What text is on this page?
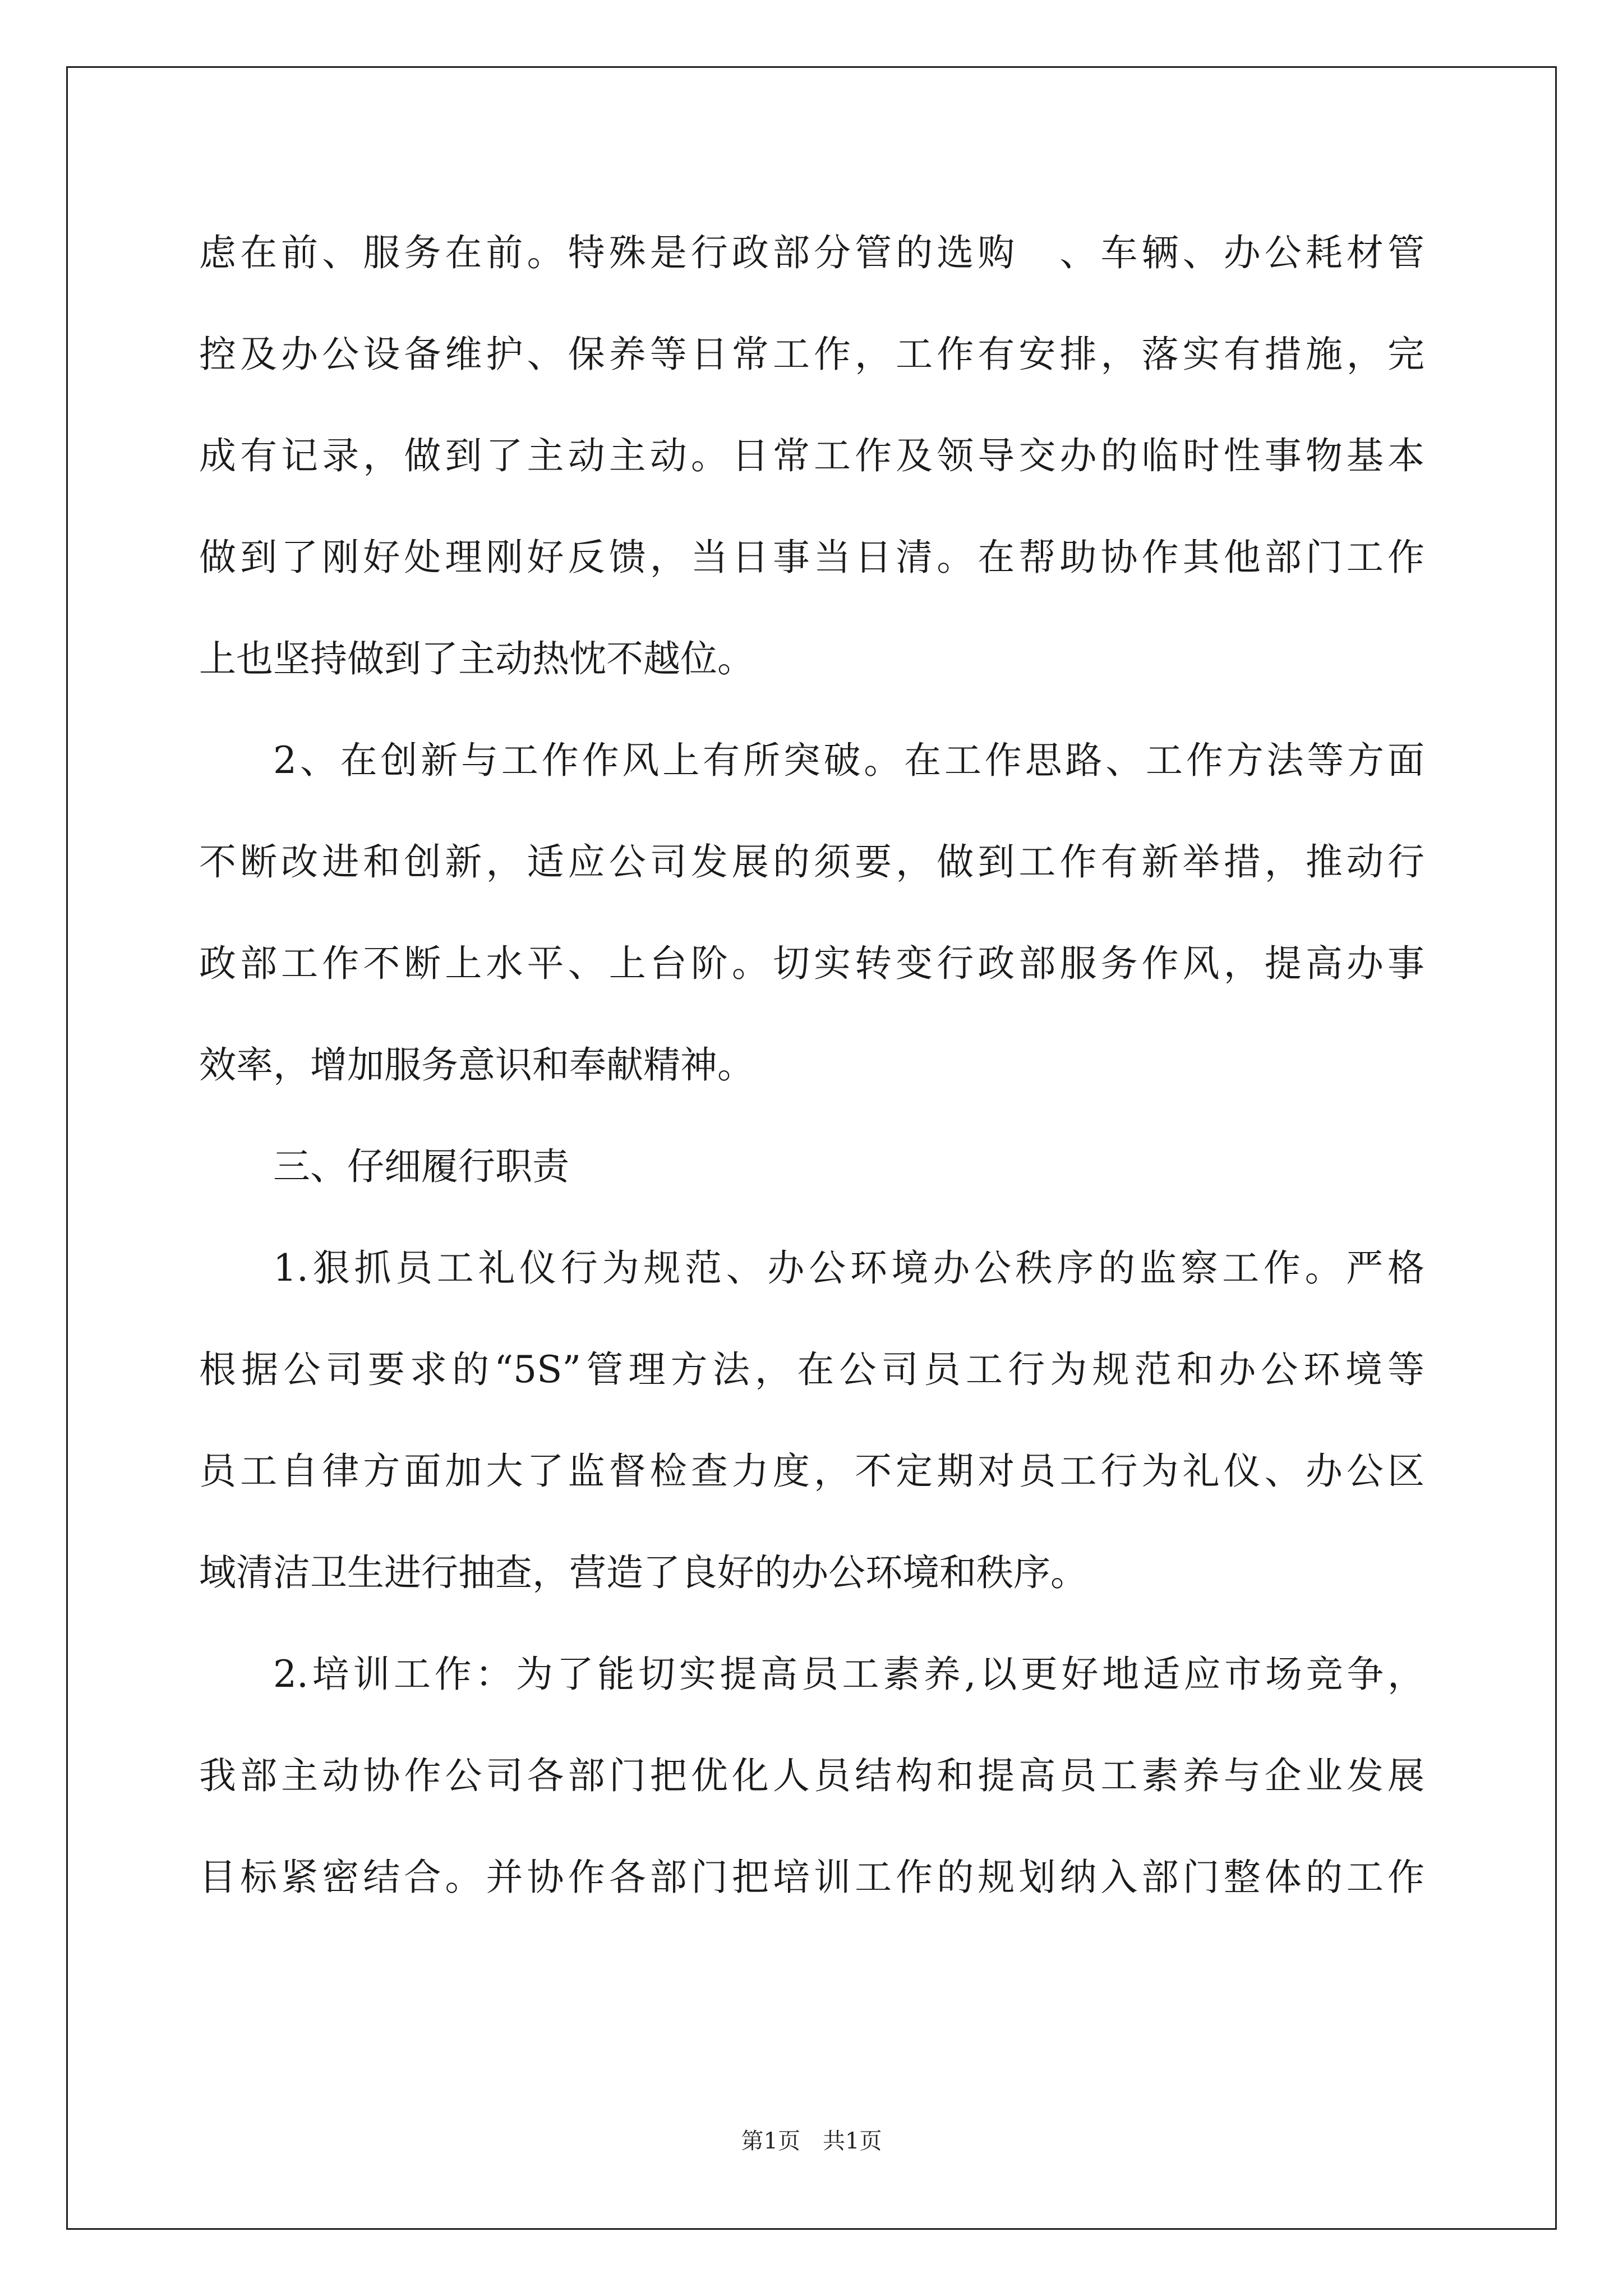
虑在前、服务在前。特殊是行政部分管的选购　、车辆、办公耗材管
控及办公设备维护、保养等日常工作，工作有安排，落实有措施，完
成有记录，做到了主动主动。日常工作及领导交办的临时性事物基本
做到了刚好处理刚好反馈，当日事当日清。在帮助协作其他部门工作
上也坚持做到了主动热忱不越位。
2、在创新与工作作风上有所突破。在工作思路、工作方法等方面
不断改进和创新，适应公司发展的须要，做到工作有新举措，推动行
政部工作不断上水平、上台阶。切实转变行政部服务作风，提高办事
效率，增加服务意识和奉献精神。
三、仔细履行职责
1.狠抓员工礼仪行为规范、办公环境办公秩序的监察工作。严格
根据公司要求的“5S”管理方法，在公司员工行为规范和办公环境等
员工自律方面加大了监督检查力度，不定期对员工行为礼仪、办公区
域清洁卫生进行抽查，营造了良好的办公环境和秩序。
2.培训工作：为了能切实提高员工素养,以更好地适应市场竞争，
我部主动协作公司各部门把优化人员结构和提高员工素养与企业发展
目标紧密结合。并协作各部门把培训工作的规划纳入部门整体的工作
第1页 共1页
